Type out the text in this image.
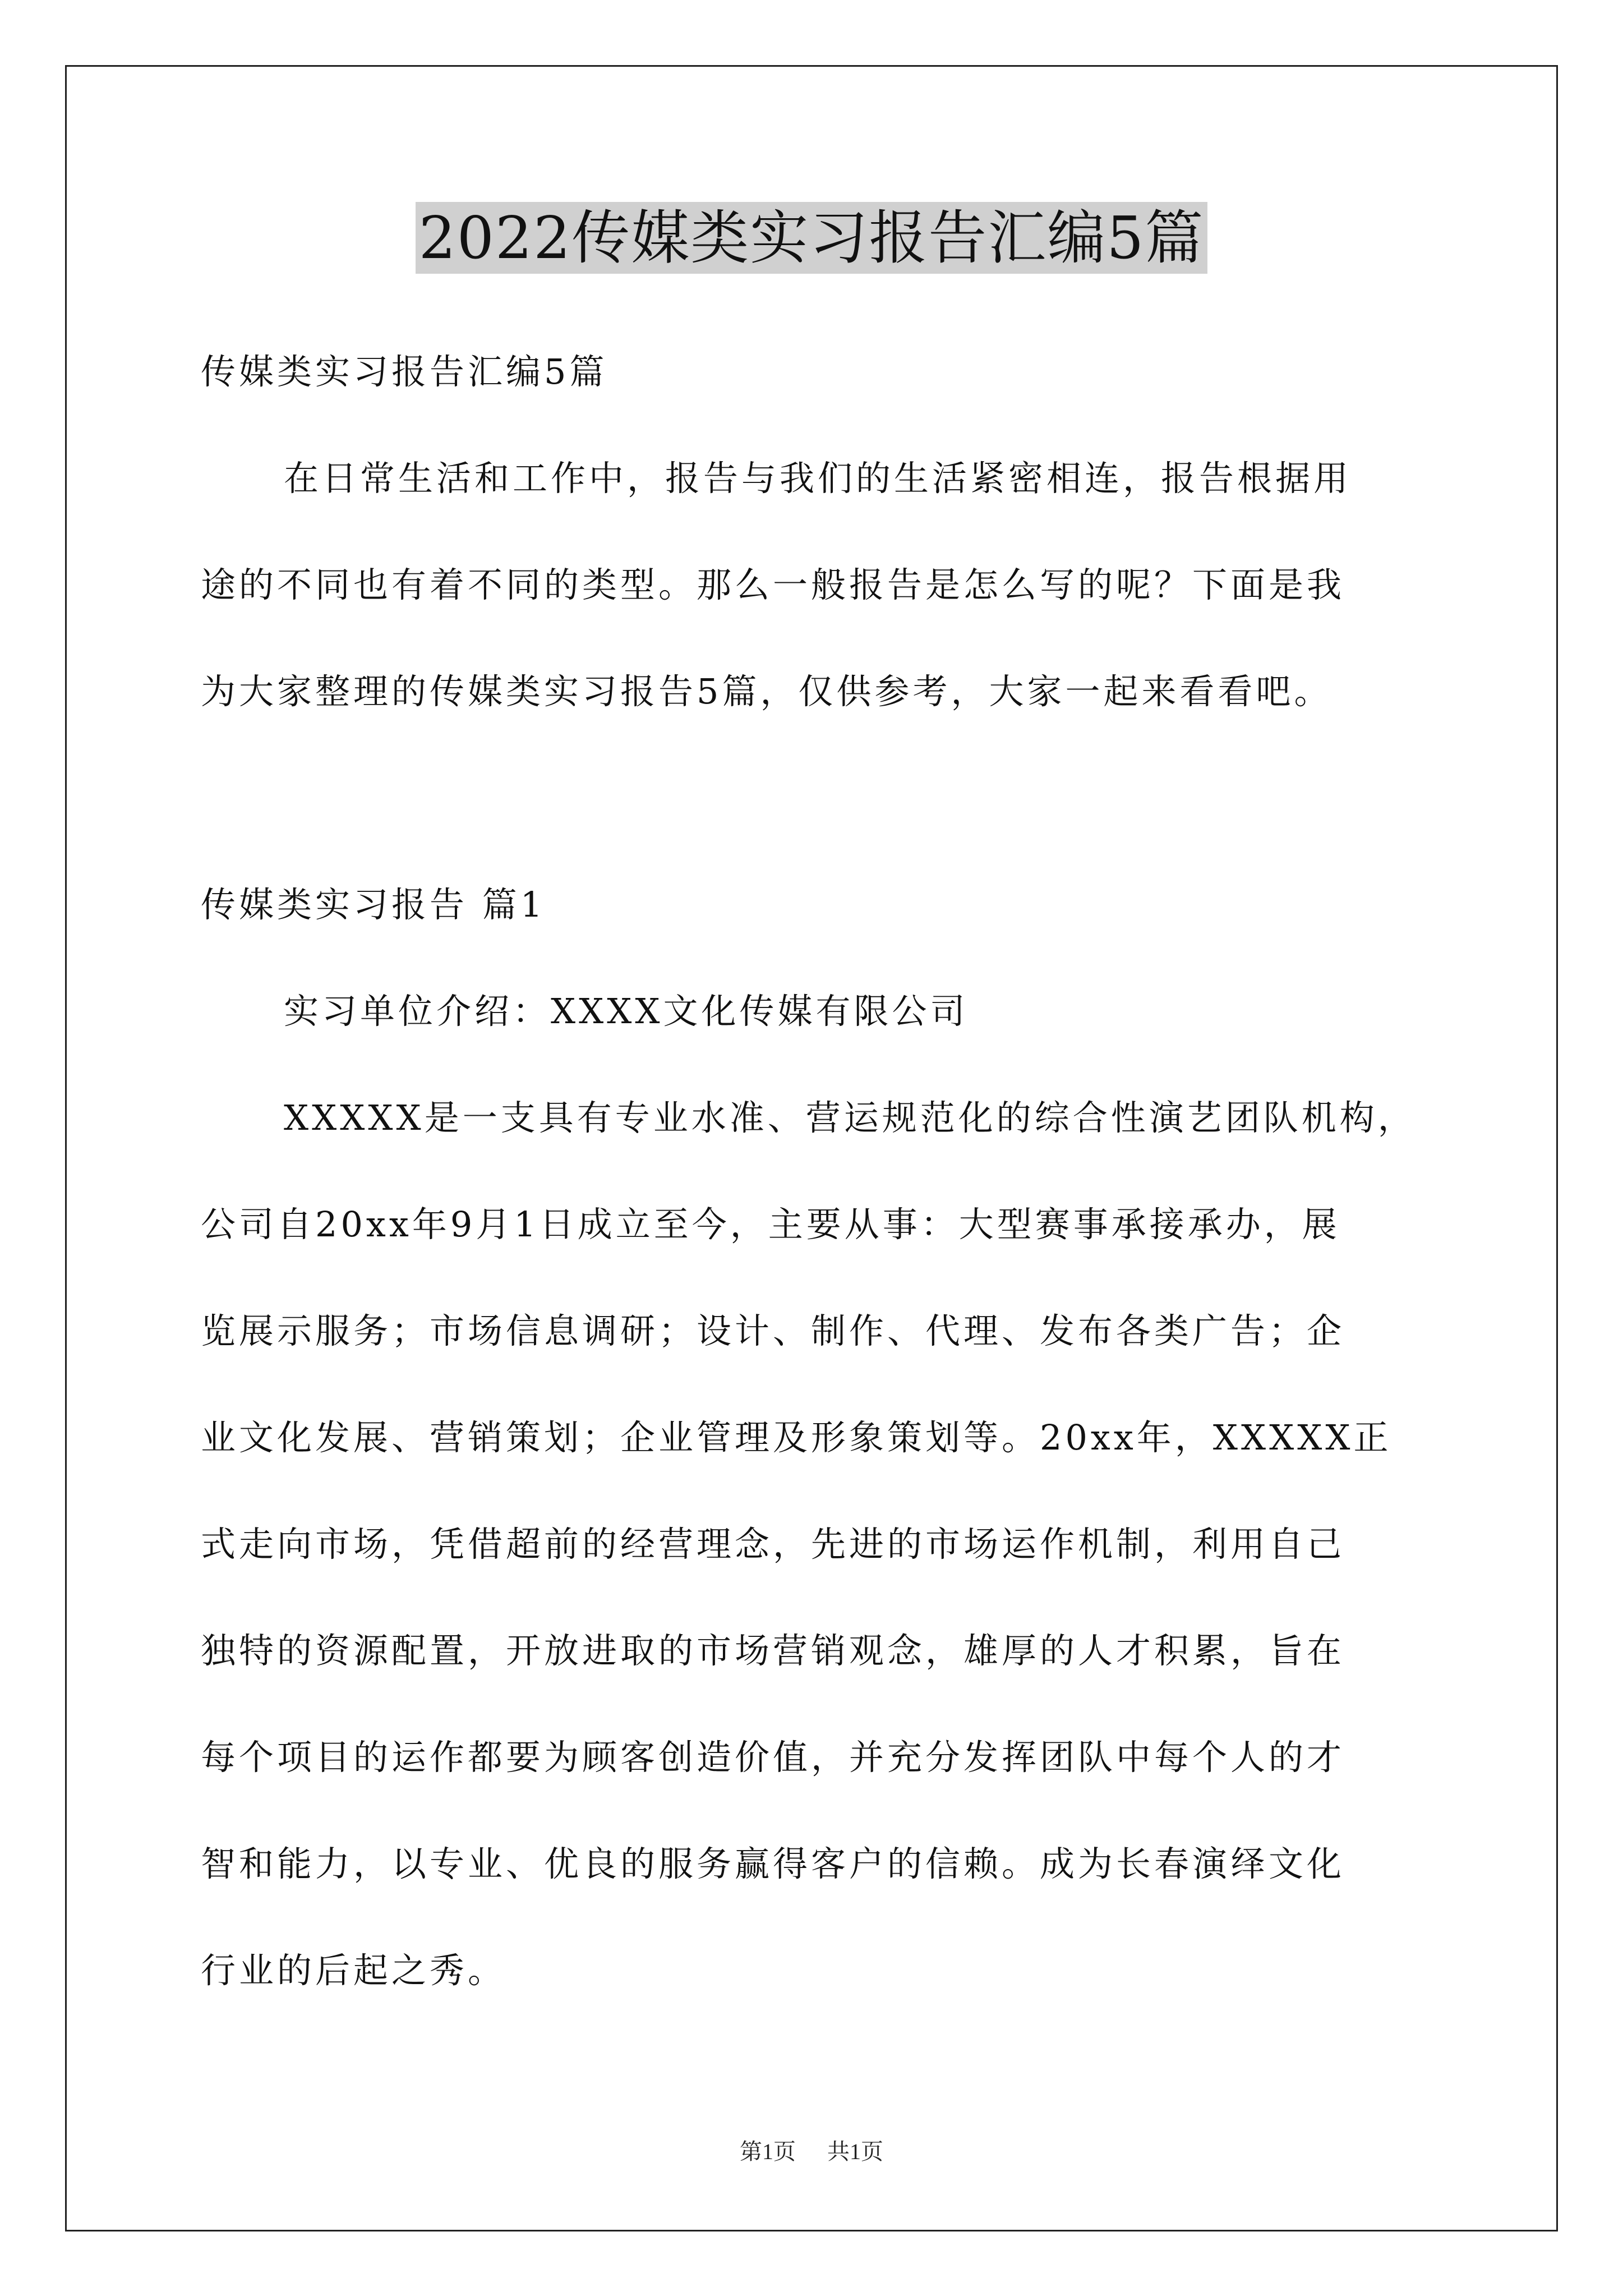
2022传媒类实习报告汇编5篇
传媒类实习报告汇编5篇
在日常生活和工作中，报告与我们的生活紧密相连，报告根据用
途的不同也有着不同的类型。那么一般报告是怎么写的呢？下面是我
为大家整理的传媒类实习报告5篇，仅供参考，大家一起来看看吧。
传媒类实习报告 篇1
实习单位介绍：XXXX文化传媒有限公司
XXXXX是一支具有专业水准、营运规范化的综合性演艺团队机构，
公司自20xx年9月1日成立至今，主要从事：大型赛事承接承办，展
览展示服务；市场信息调研；设计、制作、代理、发布各类广告；企
业文化发展、营销策划；企业管理及形象策划等。20xx年，XXXXX正
式走向市场，凭借超前的经营理念，先进的市场运作机制，利用自己
独特的资源配置，开放进取的市场营销观念，雄厚的人才积累，旨在
每个项目的运作都要为顾客创造价值，并充分发挥团队中每个人的才
智和能力，以专业、优良的服务赢得客户的信赖。成为长春演绎文化
行业的后起之秀。
第1页 共1页
